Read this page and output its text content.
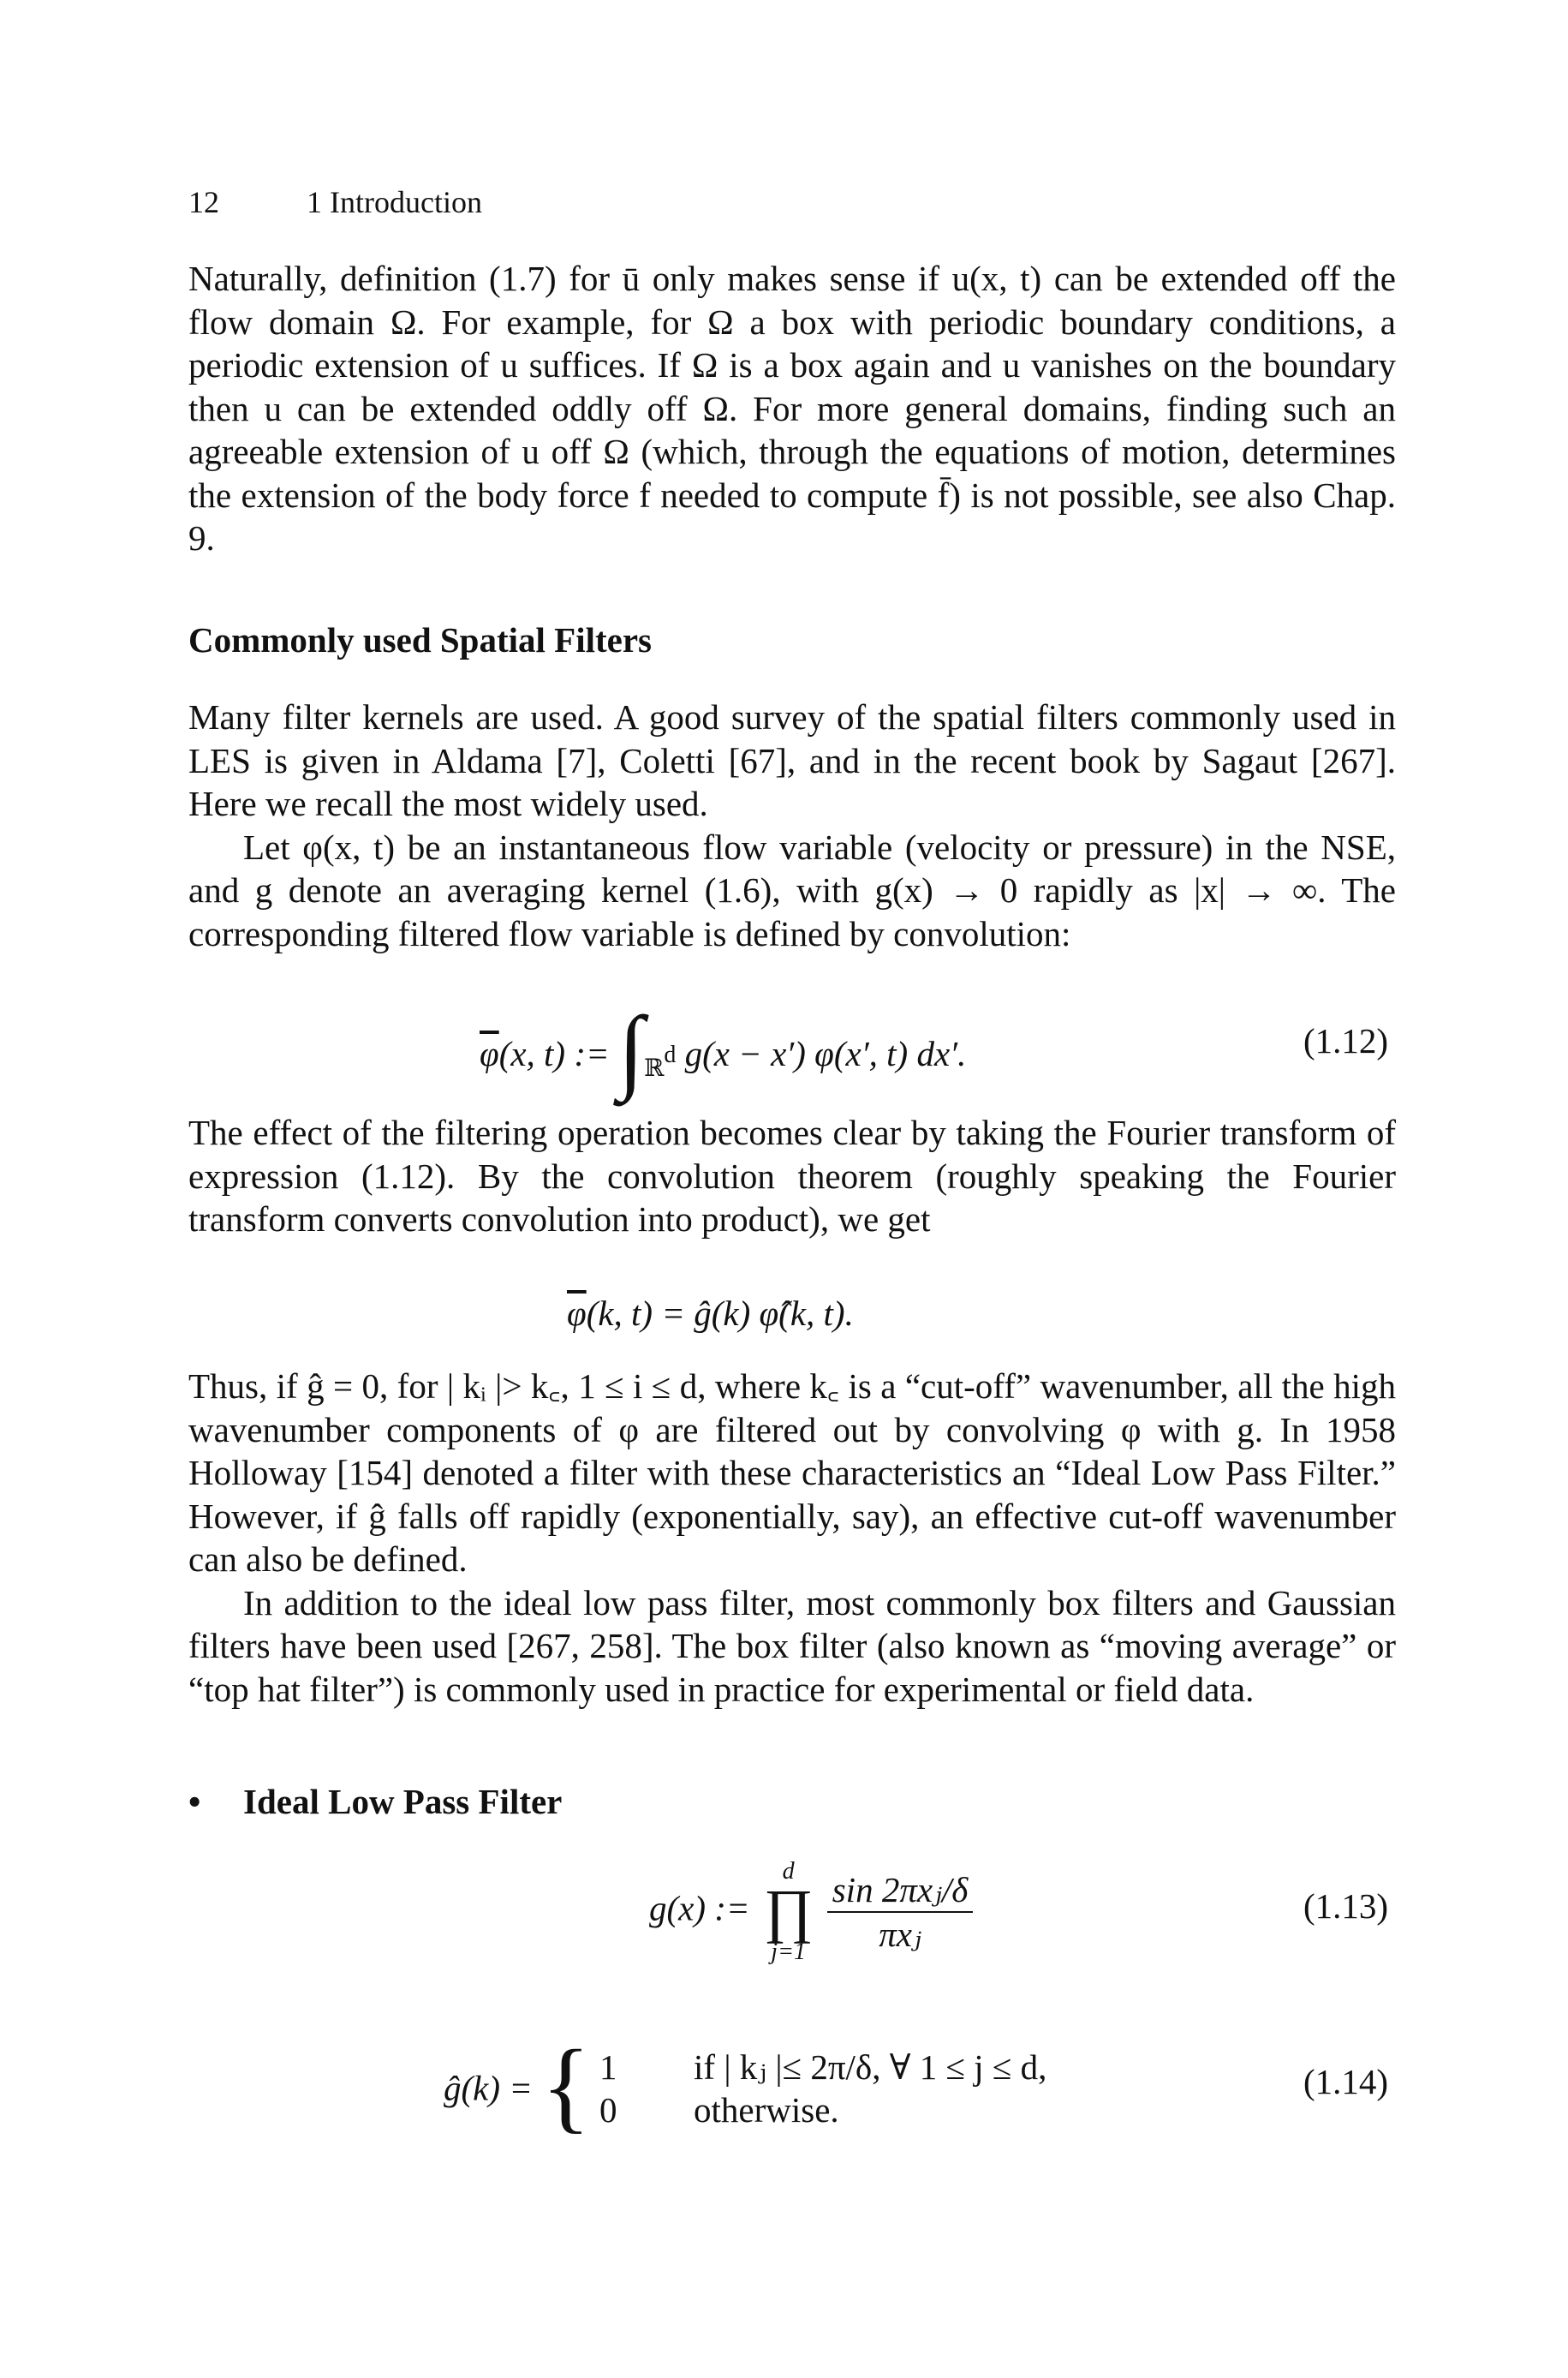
12	1 Introduction

Naturally, definition (1.7) for ū only makes sense if u(x, t) can be extended off the flow domain Ω. For example, for Ω a box with periodic boundary conditions, a periodic extension of u suffices. If Ω is a box again and u vanishes on the boundary then u can be extended oddly off Ω. For more general domains, finding such an agreeable extension of u off Ω (which, through the equations of motion, determines the extension of the body force f needed to compute f̄) is not possible, see also Chap. 9.

Commonly used Spatial Filters

Many filter kernels are used. A good survey of the spatial filters commonly used in LES is given in Aldama [7], Coletti [67], and in the recent book by Sagaut [267]. Here we recall the most widely used.

Let φ(x, t) be an instantaneous flow variable (velocity or pressure) in the NSE, and g denote an averaging kernel (1.6), with g(x) → 0 rapidly as |x| → ∞. The corresponding filtered flow variable is defined by convolution:

$\overline{\varphi}(x$, t) := $\int_{ℝd}$ g(x − x′) φ(x′, t) dx′.	(1.12)

The effect of the filtering operation becomes clear by taking the Fourier transform of expression (1.12). By the convolution theorem (roughly speaking the Fourier transform converts convolution into product), we get

$\overline{\varphi}(k$, t) = ĝ(k) φ̂(k, t).

Thus, if ĝ = 0, for | kᵢ |> k꜀, 1 ≤ i ≤ d, where k꜀ is a “cut-off” wavenumber, all the high wavenumber components of φ are filtered out by convolving φ with g. In 1958 Holloway [154] denoted a filter with these characteristics an “Ideal Low Pass Filter.” However, if ĝ falls off rapidly (exponentially, say), an effective cut-off wavenumber can also be defined.

In addition to the ideal low pass filter, most commonly box filters and Gaussian filters have been used [267, 258]. The box filter (also known as “moving average” or “top hat filter”) is commonly used in practice for experimental or field data.

• Ideal Low Pass Filter
g(x) :=
d
∏
j=1
$\frac{\text{sin 2πxⱼ/δ}}{\text{πxⱼ}}$	(1.13)
ĝ(k) = { 1 if | kⱼ |≤ 2π/δ, ∀ 1 ≤ j ≤ d,
0 otherwise.
(1.14)
